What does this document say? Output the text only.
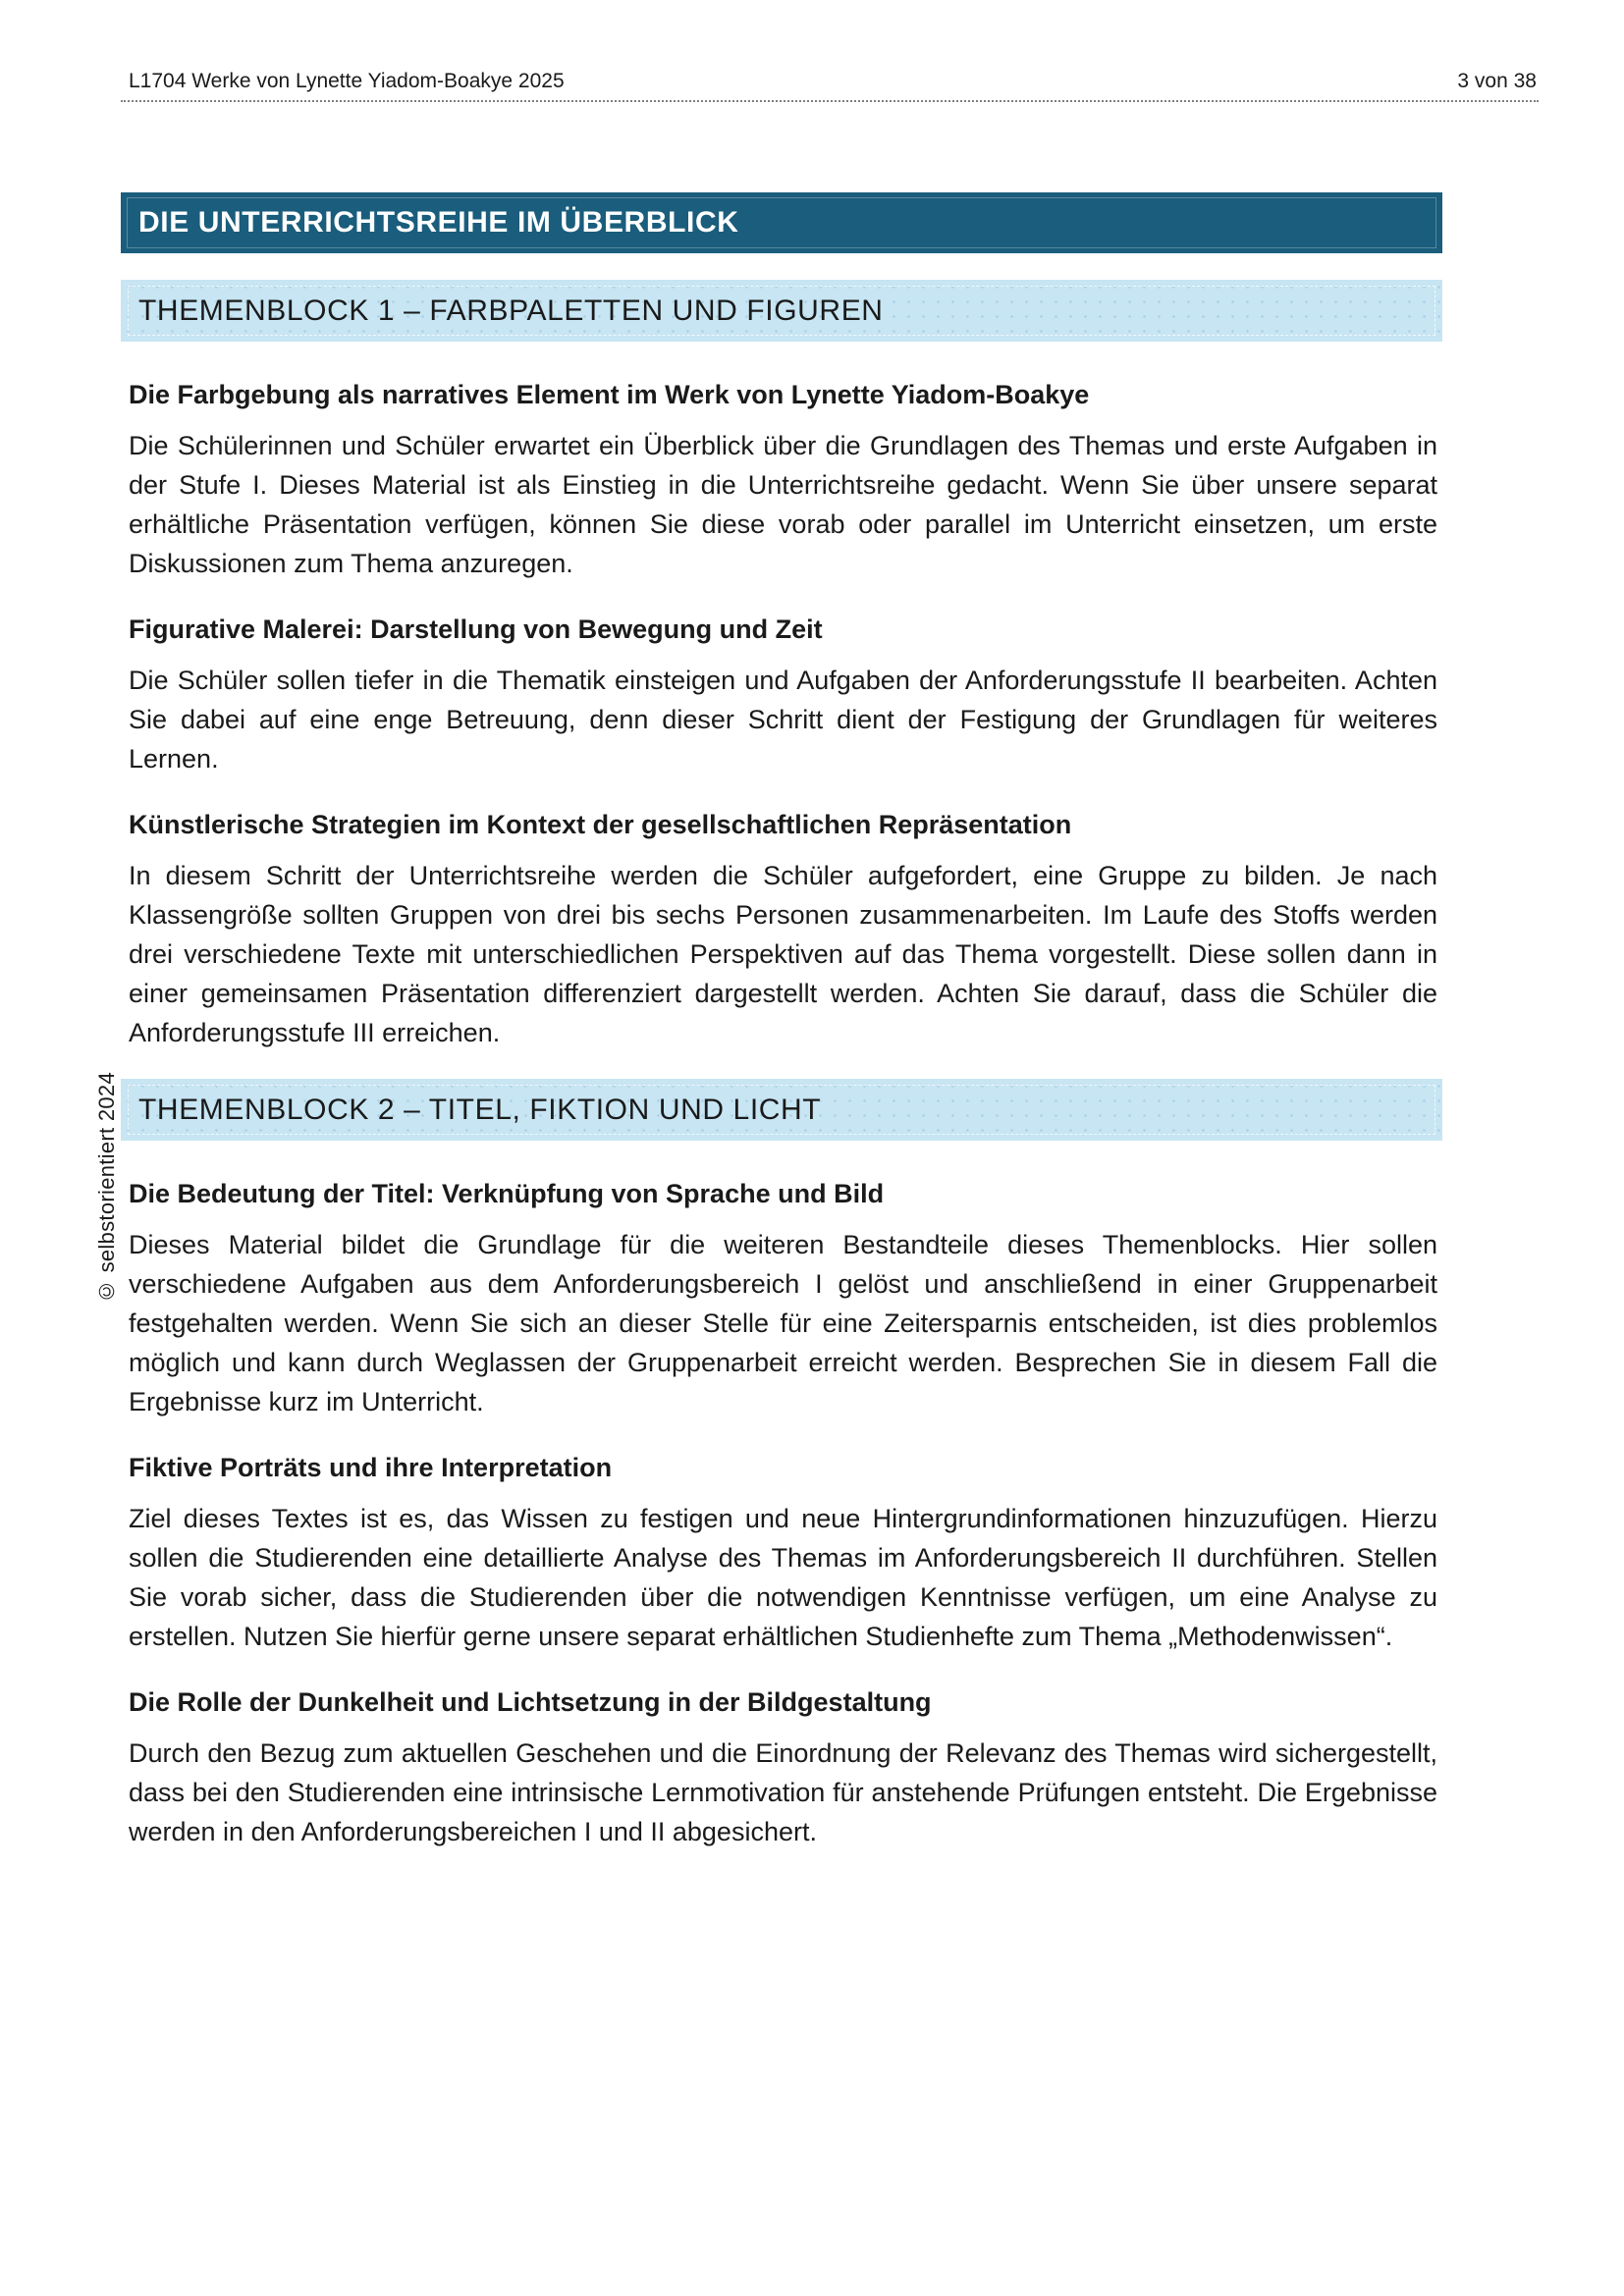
L1704 Werke von Lynette Yiadom-Boakye 2025	3 von 38
© selbstorientiert 2024
DIE UNTERRICHTSREIHE IM ÜBERBLICK
THEMENBLOCK 1 – FARBPALETTEN UND FIGUREN
Die Farbgebung als narratives Element im Werk von Lynette Yiadom-Boakye

Die Schülerinnen und Schüler erwartet ein Überblick über die Grundlagen des Themas und erste Aufgaben in der Stufe I. Dieses Material ist als Einstieg in die Unterrichtsreihe gedacht. Wenn Sie über unsere separat erhältliche Präsentation verfügen, können Sie diese vorab oder parallel im Unterricht einsetzen, um erste Diskussionen zum Thema anzuregen.

Figurative Malerei: Darstellung von Bewegung und Zeit

Die Schüler sollen tiefer in die Thematik einsteigen und Aufgaben der Anforderungsstufe II bearbeiten. Achten Sie dabei auf eine enge Betreuung, denn dieser Schritt dient der Festigung der Grundlagen für weiteres Lernen.

Künstlerische Strategien im Kontext der gesellschaftlichen Repräsentation

In diesem Schritt der Unterrichtsreihe werden die Schüler aufgefordert, eine Gruppe zu bilden. Je nach Klassengröße sollten Gruppen von drei bis sechs Personen zusammenarbeiten. Im Laufe des Stoffs werden drei verschiedene Texte mit unterschiedlichen Perspektiven auf das Thema vorgestellt. Diese sollen dann in einer gemeinsamen Präsentation differenziert dargestellt werden. Achten Sie darauf, dass die Schüler die Anforderungsstufe III erreichen.

THEMENBLOCK 2 – TITEL, FIKTION UND LICHT
Die Bedeutung der Titel: Verknüpfung von Sprache und Bild

Dieses Material bildet die Grundlage für die weiteren Bestandteile dieses Themenblocks. Hier sollen verschiedene Aufgaben aus dem Anforderungsbereich I gelöst und anschließend in einer Gruppenarbeit festgehalten werden. Wenn Sie sich an dieser Stelle für eine Zeitersparnis entscheiden, ist dies problemlos möglich und kann durch Weglassen der Gruppenarbeit erreicht werden. Besprechen Sie in diesem Fall die Ergebnisse kurz im Unterricht.

Fiktive Porträts und ihre Interpretation

Ziel dieses Textes ist es, das Wissen zu festigen und neue Hintergrundinformationen hinzuzufügen. Hierzu sollen die Studierenden eine detaillierte Analyse des Themas im Anforderungsbereich II durchführen. Stellen Sie vorab sicher, dass die Studierenden über die notwendigen Kenntnisse verfügen, um eine Analyse zu erstellen. Nutzen Sie hierfür gerne unsere separat erhältlichen Studienhefte zum Thema „Methodenwissen“.

Die Rolle der Dunkelheit und Lichtsetzung in der Bildgestaltung

Durch den Bezug zum aktuellen Geschehen und die Einordnung der Relevanz des Themas wird sichergestellt, dass bei den Studierenden eine intrinsische Lernmotivation für anstehende Prüfungen entsteht. Die Ergebnisse werden in den Anforderungsbereichen I und II abgesichert.
